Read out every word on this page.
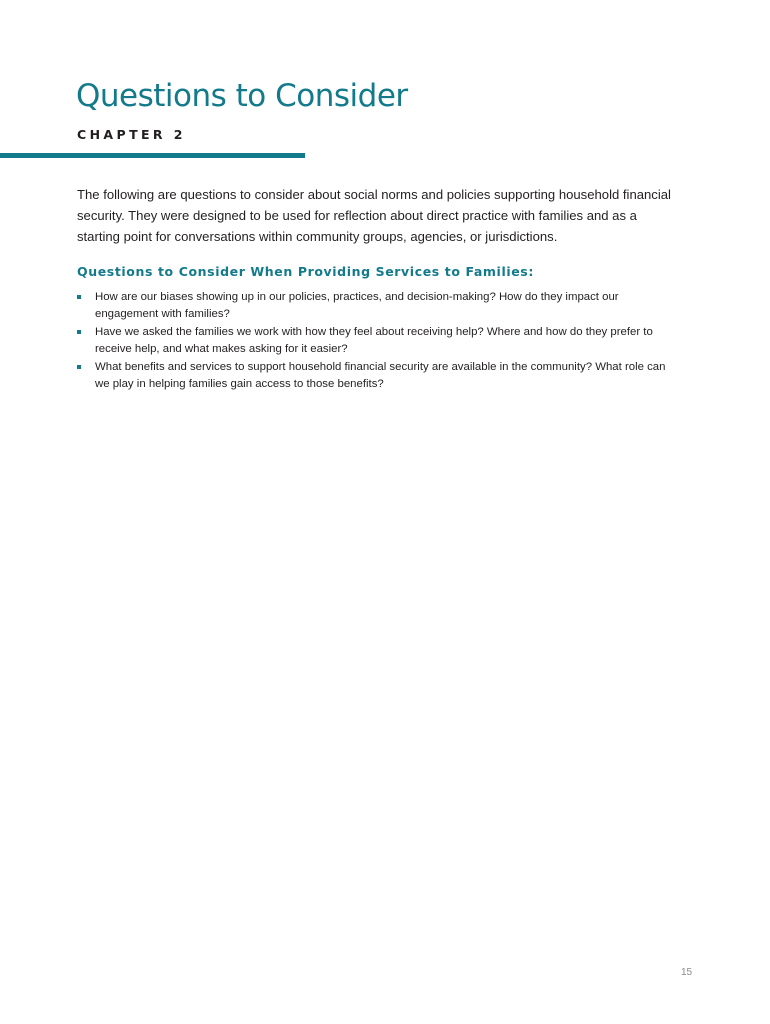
Questions to Consider
CHAPTER 2

The following are questions to consider about social norms and policies supporting household financial security. They were designed to be used for reflection about direct practice with families and as a starting point for conversations within community groups, agencies, or jurisdictions.

Questions to Consider When Providing Services to Families:
How are our biases showing up in our policies, practices, and decision-making? How do they impact our engagement with families?
Have we asked the families we work with how they feel about receiving help? Where and how do they prefer to receive help, and what makes asking for it easier?
What benefits and services to support household financial security are available in the community? What role can we play in helping families gain access to those benefits?
15
